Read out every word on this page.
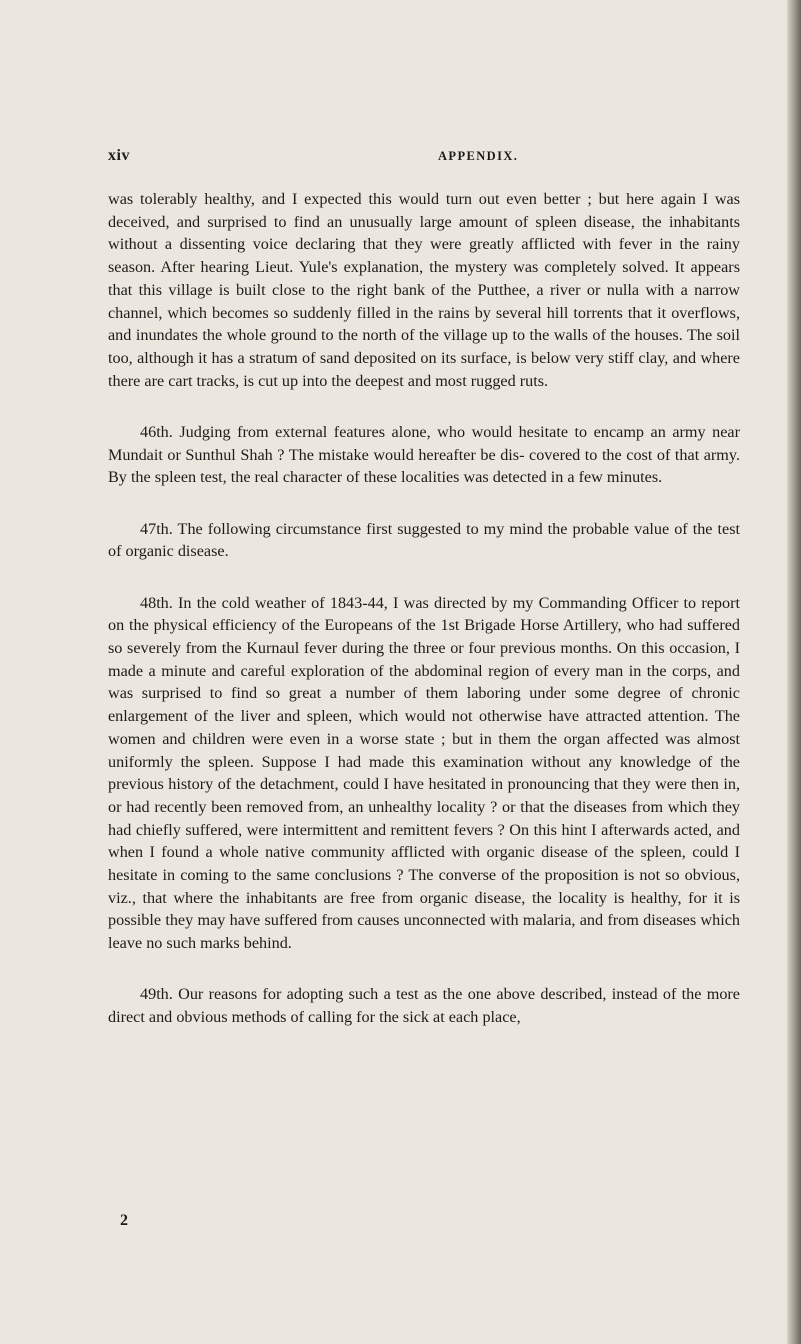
xiv	APPENDIX.

was tolerably healthy, and I expected this would turn out even better ; but here again I was deceived, and surprised to find an unusually large amount of spleen disease, the inhabitants without a dissenting voice declaring that they were greatly afflicted with fever in the rainy season. After hearing Lieut. Yule's explanation, the mystery was completely solved. It appears that this village is built close to the right bank of the Putthee, a river or nulla with a narrow channel, which becomes so suddenly filled in the rains by several hill torrents that it overflows, and inundates the whole ground to the north of the village up to the walls of the houses. The soil too, although it has a stratum of sand deposited on its surface, is below very stiff clay, and where there are cart tracks, is cut up into the deepest and most rugged ruts.

46th. Judging from external features alone, who would hesitate to encamp an army near Mundait or Sunthul Shah ? The mistake would hereafter be dis- covered to the cost of that army. By the spleen test, the real character of these localities was detected in a few minutes.

47th. The following circumstance first suggested to my mind the probable value of the test of organic disease.

48th. In the cold weather of 1843-44, I was directed by my Commanding Officer to report on the physical efficiency of the Europeans of the 1st Brigade Horse Artillery, who had suffered so severely from the Kurnaul fever during the three or four previous months. On this occasion, I made a minute and careful exploration of the abdominal region of every man in the corps, and was surprised to find so great a number of them laboring under some degree of chronic enlargement of the liver and spleen, which would not otherwise have attracted attention. The women and children were even in a worse state ; but in them the organ affected was almost uniformly the spleen. Suppose I had made this examination without any knowledge of the previous history of the detachment, could I have hesitated in pronouncing that they were then in, or had recently been removed from, an unhealthy locality ? or that the diseases from which they had chiefly suffered, were intermittent and remittent fevers ? On this hint I afterwards acted, and when I found a whole native community afflicted with organic disease of the spleen, could I hesitate in coming to the same conclusions ? The converse of the proposition is not so obvious, viz., that where the inhabitants are free from organic disease, the locality is healthy, for it is possible they may have suffered from causes unconnected with malaria, and from diseases which leave no such marks behind.

49th. Our reasons for adopting such a test as the one above described, instead of the more direct and obvious methods of calling for the sick at each place,

2
